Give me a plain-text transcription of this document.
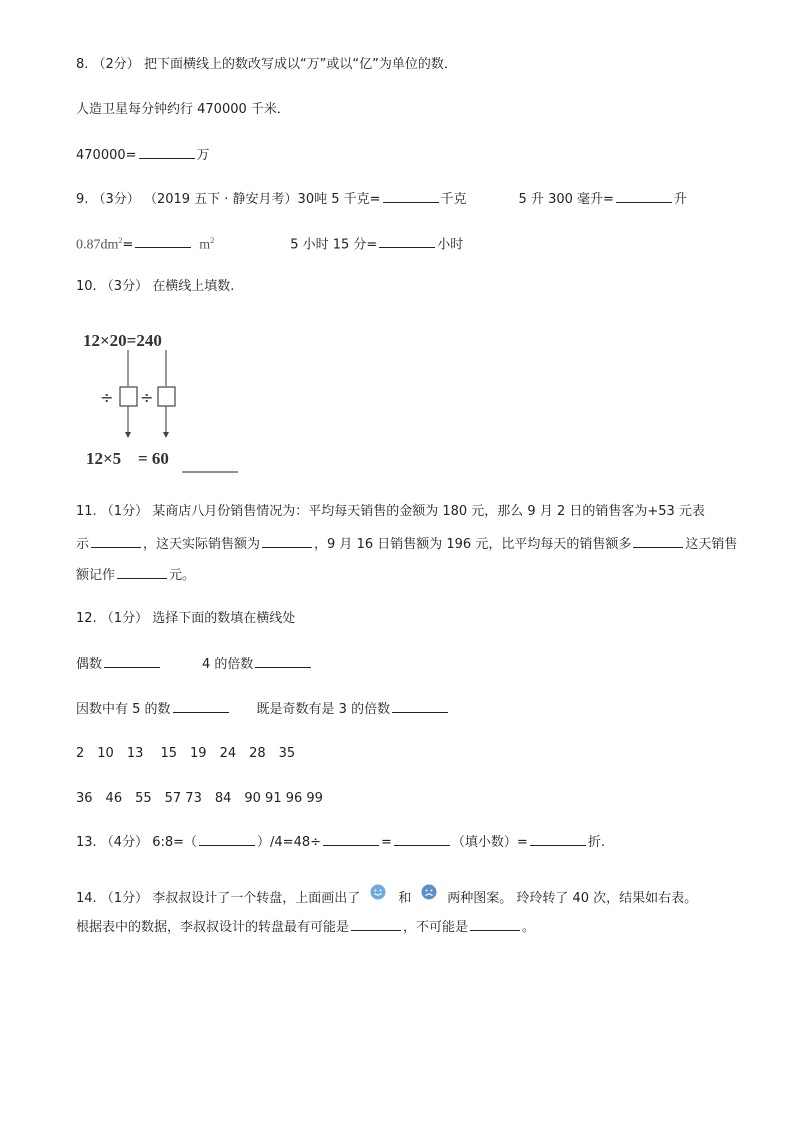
8. （2分） 把下面横线上的数改写成以“万”或以“亿”为单位的数．
人造卫星每分钟约行 470000 千米．
470000=	万
9. （3分） （2019 五下 · 静安月考）30吨 5 千克=	千克	5 升 300 毫升=	升
$0.87dm^2=$	$m^2$	5 小时 15 分=	小时
10. （3分） 在横线上填数.
12×20=240
÷ ÷
12×5 = 60
11. （1分） 某商店八月份销售情况为：平均每天销售的金额为 180 元，那么 9 月 2 日的销售客为+53 元表
示	，这天实际销售额为	，9 月 16 日销售额为 196 元，比平均每天的销售额多	这天销售
额记作	元。
12. （1分） 选择下面的数填在横线处
偶数	4 的倍数
因数中有 5 的数	既是奇数有是 3 的倍数
2　10　13　 15　19　24　28　35
36　46　55　57 73　84　90 91 96 99
13. （4分） 6:8=（	）/4=48÷	=	（填小数）=	折.
14. （1分） 李叔叔设计了一个转盘，上面画出了	和	两种图案。 玲玲转了 40 次，结果如右表。
根据表中的数据，李叔叔设计的转盘最有可能是	，不可能是	。
